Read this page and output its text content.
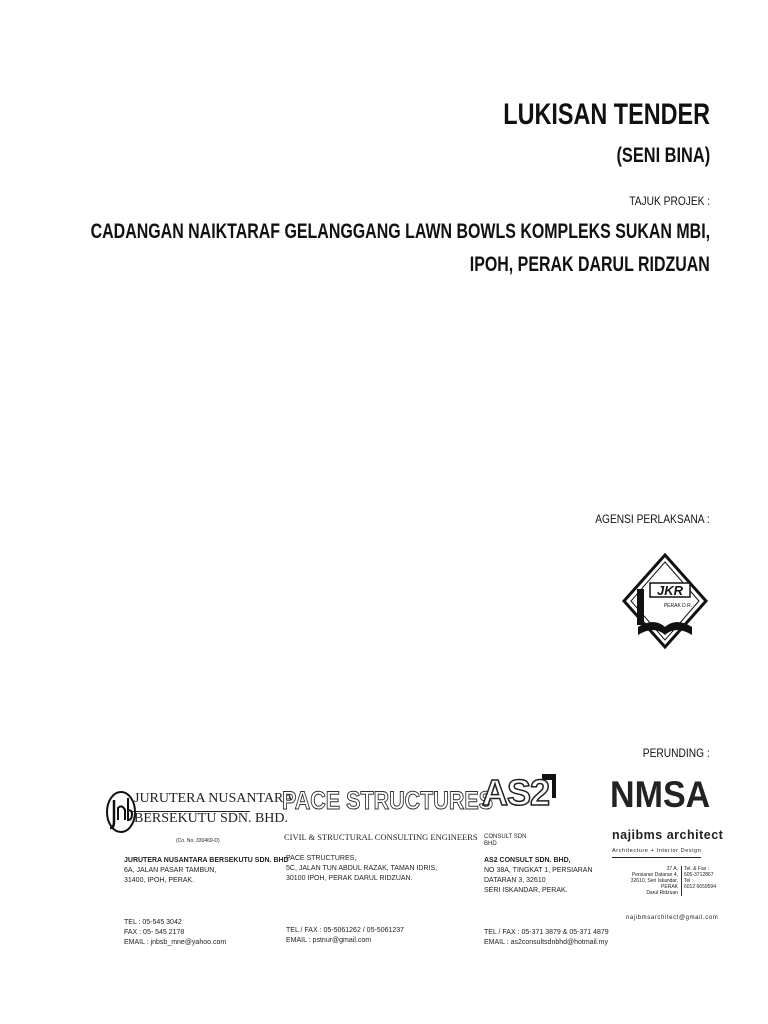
LUKISAN TENDER
(SENI BINA)
TAJUK PROJEK :
CADANGAN NAIKTARAF GELANGGANG LAWN BOWLS KOMPLEKS SUKAN MBI,
IPOH, PERAK DARUL RIDZUAN
AGENSI PERLAKSANA :
JKR
PERAK D.R.
PERUNDING :
JURUTERA NUSANTARA
BERSEKUTU SDN. BHD.
(Co. No. 330469-D)
JURUTERA NUSANTARA BERSEKUTU SDN. BHD
6A, JALAN PASAR TAMBUN,
31400, IPOH, PERAK.
TEL : 05-545 3042
FAX : 05- 545 2178
EMAIL : jnbsb_mne@yahoo.com
PACE STRUCTURES
CIVIL & STRUCTURAL CONSULTING ENGINEERS
PACE STRUCTURES,
5C, JALAN TUN ABDUL RAZAK, TAMAN IDRIS,
30100 IPOH, PERAK DARUL RIDZUAN.
TEL / FAX : 05-5061262 / 05-5061237
EMAIL : pstnur@gmail.com
AS2
CONSULT SDN
BHD
AS2 CONSULT SDN. BHD,
NO 38A, TINGKAT 1, PERSIARAN
DATARAN 3, 32610
SERI ISKANDAR, PERAK.
TEL / FAX : 05-371 3879 & 05-371 4879
EMAIL : as2consultsdnbhd@hotmail.my
NMSA
najibms architect
Architecture + Interior Design
37 A,
Persiaran Dataran 4,
32610, Seri Iskandar,
PERAK
Darul Ridzuan
Tel. & Fax :
605-3712867
Tel :
6012 6659594
najibmsarchitect@gmail.com
